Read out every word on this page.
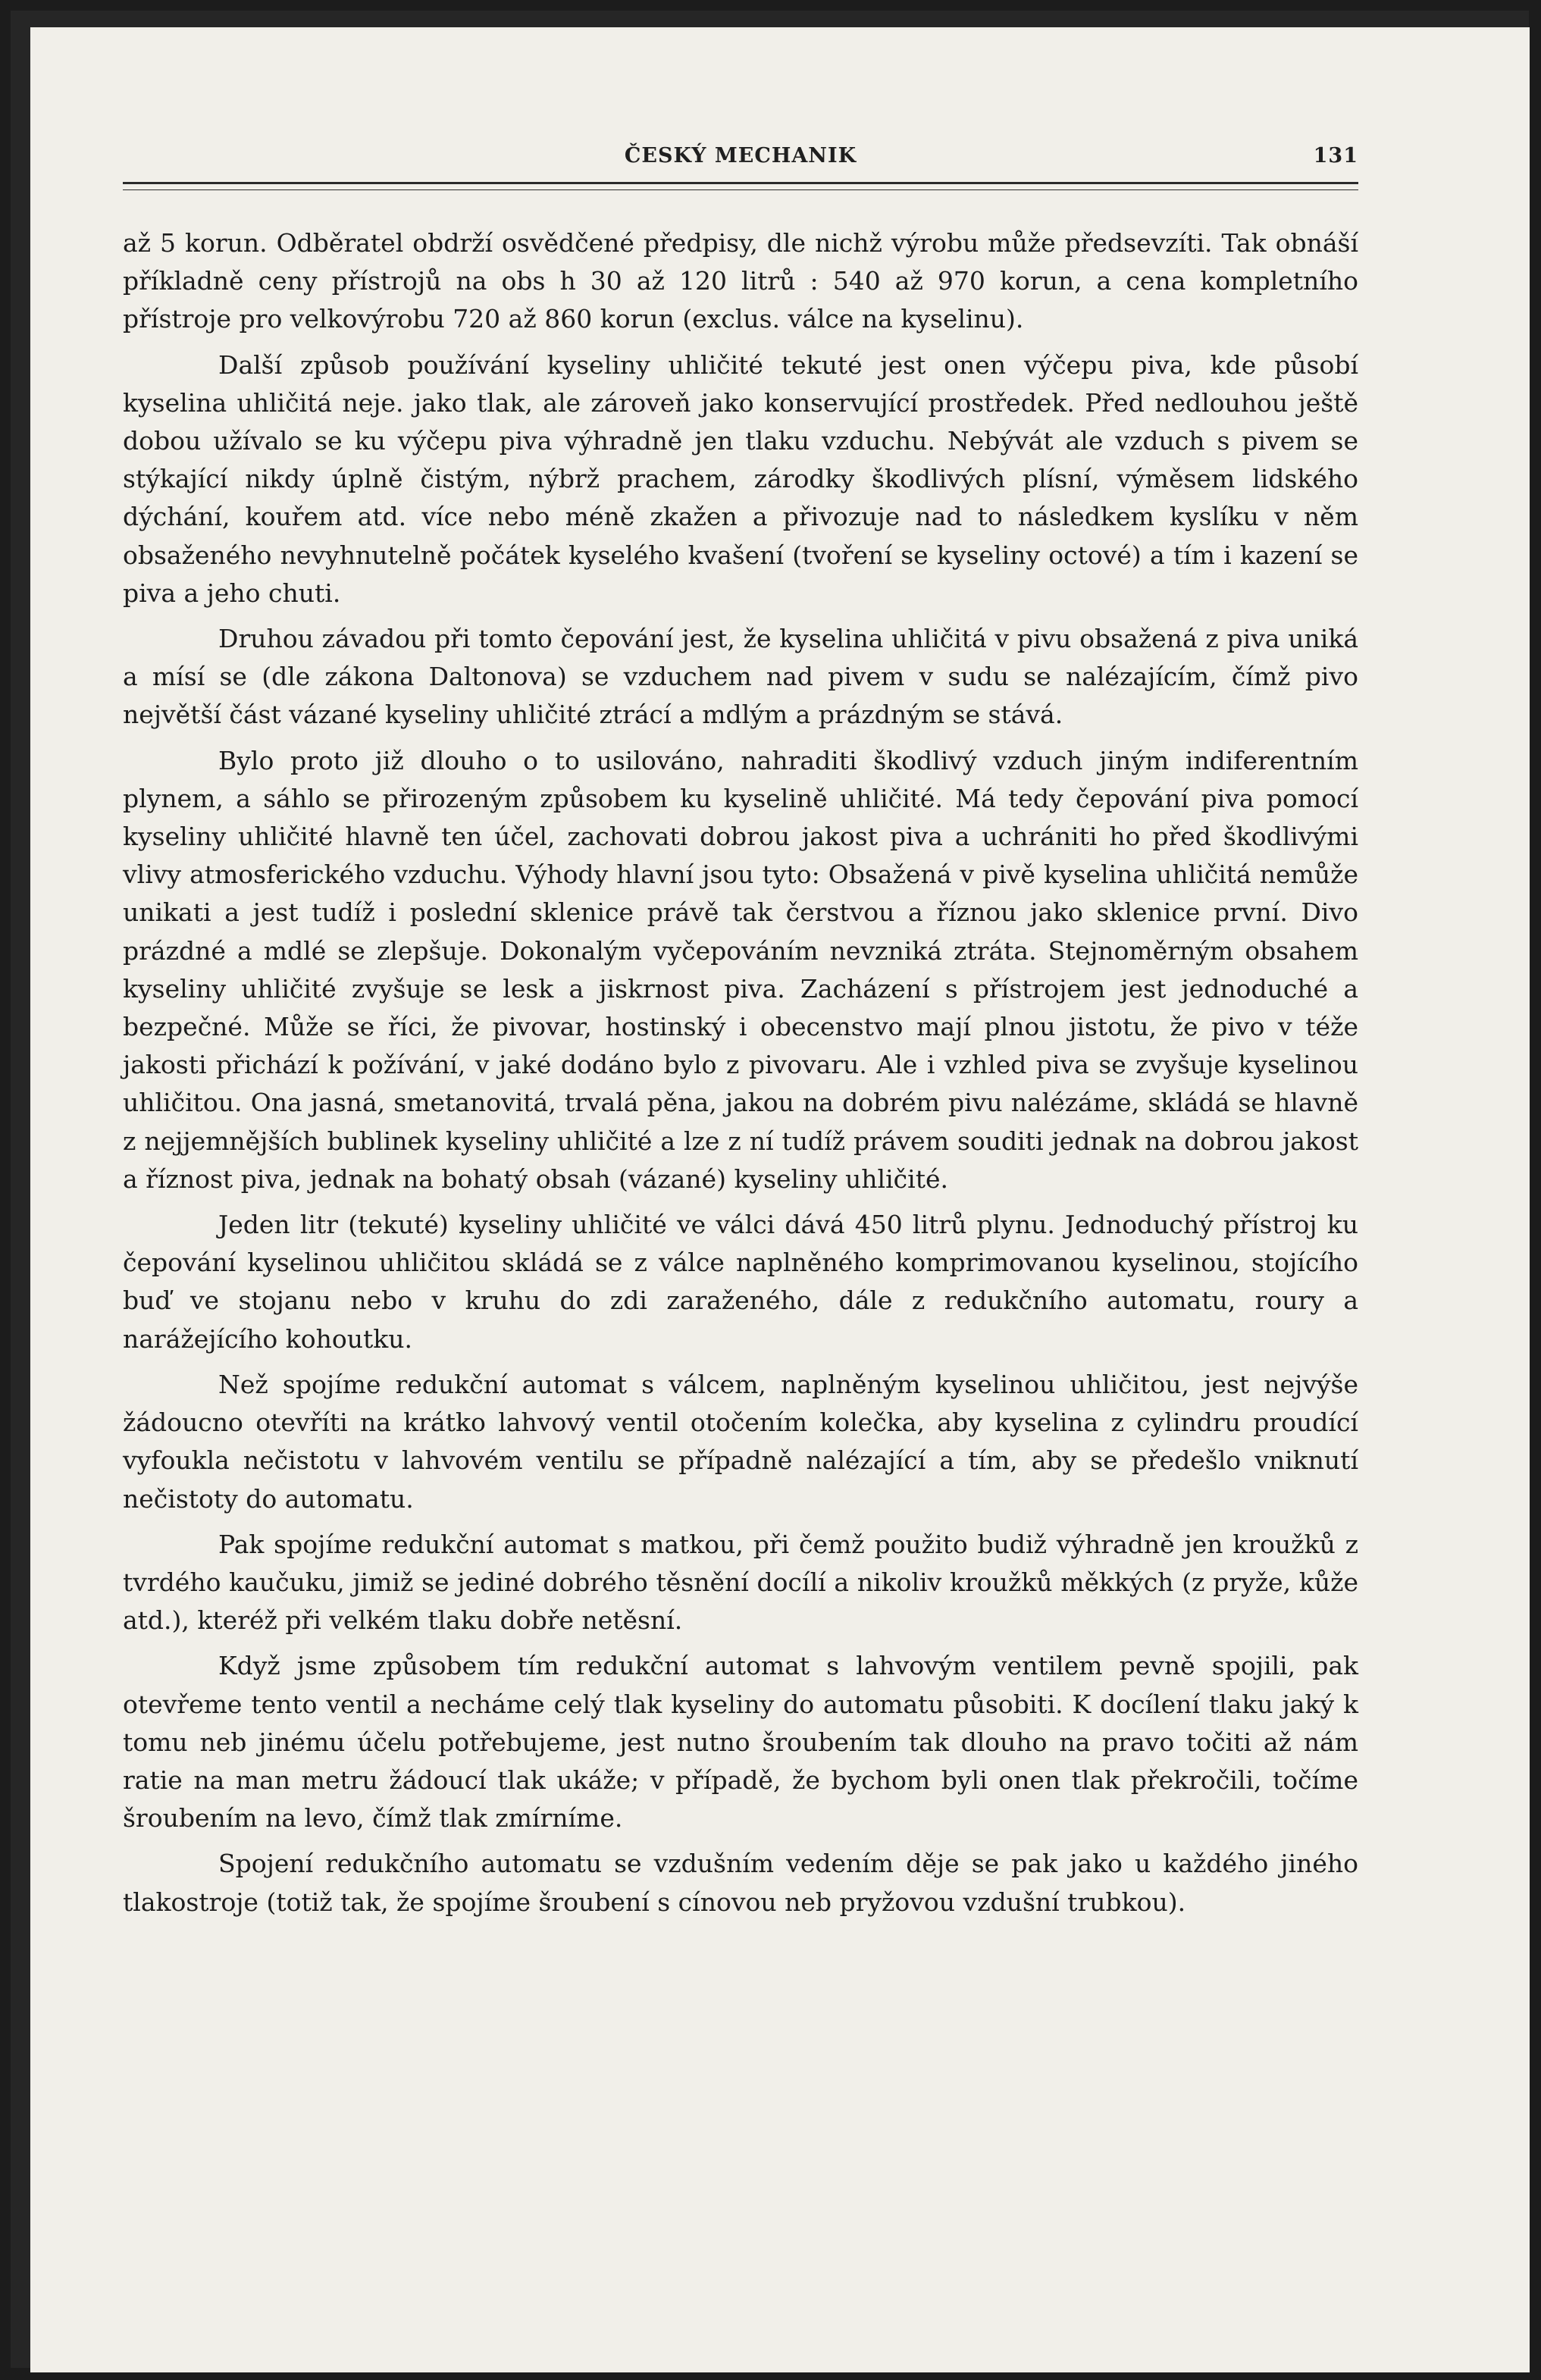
ČESKÝ MECHANIK	131

až 5 korun. Odběratel obdrží osvědčené předpisy, dle nichž výrobu může předsevzíti. Tak obnáší příkladně ceny přístrojů na obs h 30 až 120 litrů : 540 až 970 korun, a cena kompletního přístroje pro velkovýrobu 720 až 860 korun (exclus. válce na kyselinu).

Další způsob používání kyseliny uhličité tekuté jest onen výčepu piva, kde působí kyselina uhličitá neje. jako tlak, ale zároveň jako konservující prostředek. Před nedlouhou ještě dobou užívalo se ku výčepu piva výhradně jen tlaku vzduchu. Nebývát ale vzduch s pivem se stýkající nikdy úplně čistým, nýbrž prachem, zárodky škodlivých plísní, výměsem lidského dýchání, kouřem atd. více nebo méně zkažen a přivozuje nad to následkem kyslíku v něm obsaženého nevyhnutelně počátek kyselého kvašení (tvoření se kyseliny octové) a tím i kazení se piva a jeho chuti.

Druhou závadou při tomto čepování jest, že kyselina uhličitá v pivu obsažená z piva uniká a mísí se (dle zákona Daltonova) se vzduchem nad pivem v sudu se nalézajícím, čímž pivo největší část vázané kyseliny uhličité ztrácí a mdlým a prázdným se stává.

Bylo proto již dlouho o to usilováno, nahraditi škodlivý vzduch jiným indiferentním plynem, a sáhlo se přirozeným způsobem ku kyselině uhličité. Má tedy čepování piva pomocí kyseliny uhličité hlavně ten účel, zachovati dobrou jakost piva a uchrániti ho před škodlivými vlivy atmosferického vzduchu. Výhody hlavní jsou tyto: Obsažená v pivě kyselina uhličitá nemůže unikati a jest tudíž i poslední sklenice právě tak čerstvou a říznou jako sklenice první. Divo prázdné a mdlé se zlepšuje. Dokonalým vyčepováním nevzniká ztráta. Stejnoměrným obsahem kyseliny uhličité zvyšuje se lesk a jiskrnost piva. Zacházení s přístrojem jest jednoduché a bezpečné. Může se říci, že pivovar, hostinský i obecenstvo mají plnou jistotu, že pivo v téže jakosti přichází k požívání, v jaké dodáno bylo z pivovaru. Ale i vzhled piva se zvyšuje kyselinou uhličitou. Ona jasná, smetanovitá, trvalá pěna, jakou na dobrém pivu nalézáme, skládá se hlavně z nejjemnějších bublinek kyseliny uhličité a lze z ní tudíž právem souditi jednak na dobrou jakost a říznost piva, jednak na bohatý obsah (vázané) kyseliny uhličité.

Jeden litr (tekuté) kyseliny uhličité ve válci dává 450 litrů plynu. Jednoduchý přístroj ku čepování kyselinou uhličitou skládá se z válce naplněného komprimovanou kyselinou, stojícího buď ve stojanu nebo v kruhu do zdi zaraženého, dále z redukčního automatu, roury a narážejícího kohoutku.

Než spojíme redukční automat s válcem, naplněným kyselinou uhličitou, jest nejvýše žádoucno otevříti na krátko lahvový ventil otočením kolečka, aby kyselina z cylindru proudící vyfoukla nečistotu v lahvovém ventilu se případně nalézající a tím, aby se předešlo vniknutí nečistoty do automatu.

Pak spojíme redukční automat s matkou, při čemž použito budiž výhradně jen kroužků z tvrdého kaučuku, jimiž se jediné dobrého těsnění docílí a nikoliv kroužků měkkých (z pryže, kůže atd.), kteréž při velkém tlaku dobře netěsní.

Když jsme způsobem tím redukční automat s lahvovým ventilem pevně spojili, pak otevřeme tento ventil a necháme celý tlak kyseliny do automatu působiti. K docílení tlaku jaký k tomu neb jinému účelu potřebujeme, jest nutno šroubením tak dlouho na pravo točiti až nám ratie na man metru žádoucí tlak ukáže; v případě, že bychom byli onen tlak překročili, točíme šroubením na levo, čímž tlak zmírníme.

Spojení redukčního automatu se vzdušním vedením děje se pak jako u každého jiného tlakostroje (totiž tak, že spojíme šroubení s cínovou neb pryžovou vzdušní trubkou).
